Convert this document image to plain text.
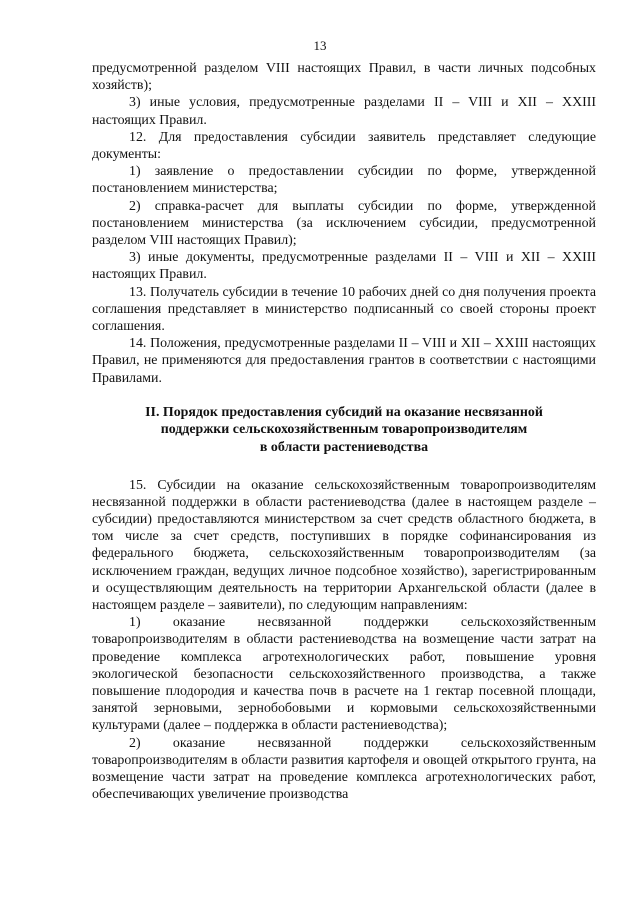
13

предусмотренной разделом VIII настоящих Правил, в части личных подсобных хозяйств);

3) иные условия, предусмотренные разделами II – VIII и XII – XXIII настоящих Правил.

12. Для предоставления субсидии заявитель представляет следующие документы:

1) заявление о предоставлении субсидии по форме, утвержденной постановлением министерства;

2) справка-расчет для выплаты субсидии по форме, утвержденной постановлением министерства (за исключением субсидии, предусмотренной разделом VIII настоящих Правил);

3) иные документы, предусмотренные разделами II – VIII и XII – XXIII настоящих Правил.

13. Получатель субсидии в течение 10 рабочих дней со дня получения проекта соглашения представляет в министерство подписанный со своей стороны проект соглашения.

14. Положения, предусмотренные разделами II – VIII и XII – XXIII настоящих Правил, не применяются для предоставления грантов в соответствии с настоящими Правилами.

II. Порядок предоставления субсидий на оказание несвязанной
поддержки сельскохозяйственным товаропроизводителям
в области растениеводства

15. Субсидии на оказание сельскохозяйственным товаропроизводителям несвязанной поддержки в области растениеводства (далее в настоящем разделе – субсидии) предоставляются министерством за счет средств областного бюджета, в том числе за счет средств, поступивших в порядке софинансирования из федерального бюджета, сельскохозяйственным товаропроизводителям (за исключением граждан, ведущих личное подсобное хозяйство), зарегистрированным и осуществляющим деятельность на территории Архангельской области (далее в настоящем разделе – заявители), по следующим направлениям:

1) оказание несвязанной поддержки сельскохозяйственным товаропроизводителям в области растениеводства на возмещение части затрат на проведение комплекса агротехнологических работ, повышение уровня экологической безопасности сельскохозяйственного производства, а также повышение плодородия и качества почв в расчете на 1 гектар посевной площади, занятой зерновыми, зернобобовыми и кормовыми сельскохозяйственными культурами (далее – поддержка в области растениеводства);

2) оказание несвязанной поддержки сельскохозяйственным товаропроизводителям в области развития картофеля и овощей открытого грунта, на возмещение части затрат на проведение комплекса агротехнологических работ, обеспечивающих увеличение производства
